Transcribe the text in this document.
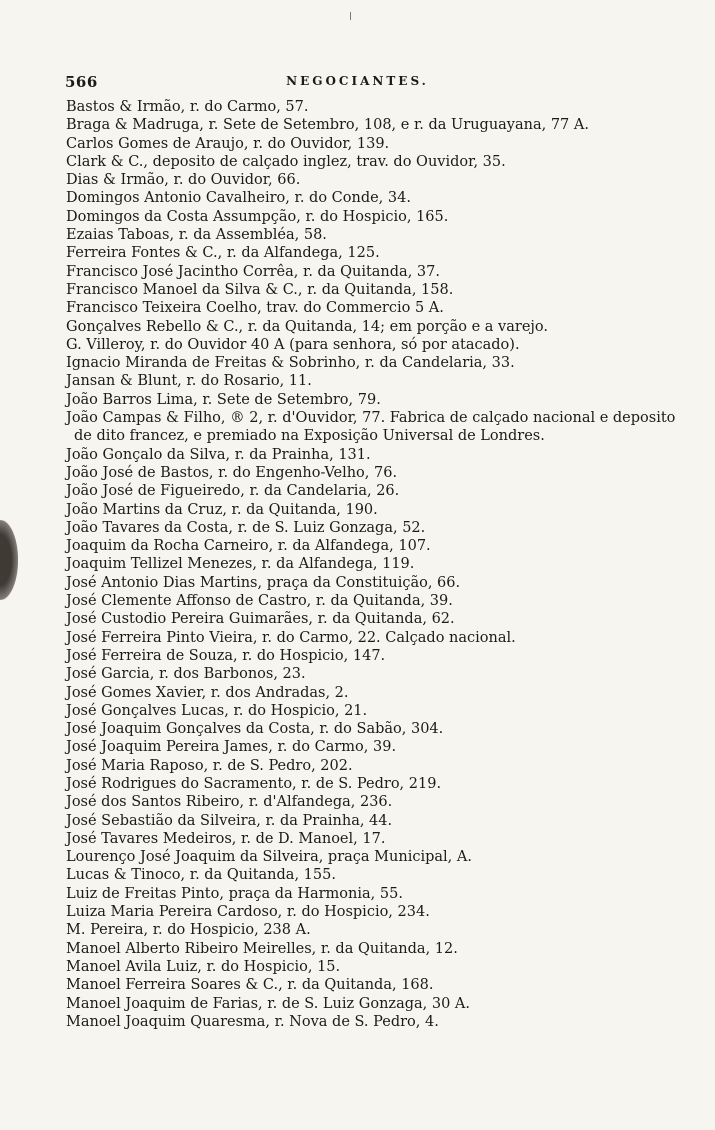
566	NEGOCIANTES.

Bastos & Irmão, r. do Carmo, 57.

Braga & Madruga, r. Sete de Setembro, 108, e r. da Uruguayana, 77 A.

Carlos Gomes de Araujo, r. do Ouvidor, 139.

Clark & C., deposito de calçado inglez, trav. do Ouvidor, 35.

Dias & Irmão, r. do Ouvidor, 66.

Domingos Antonio Cavalheiro, r. do Conde, 34.

Domingos da Costa Assumpção, r. do Hospicio, 165.

Ezaias Taboas, r. da Assembléa, 58.

Ferreira Fontes & C., r. da Alfandega, 125.

Francisco José Jacintho Corrêa, r. da Quitanda, 37.

Francisco Manoel da Silva & C., r. da Quitanda, 158.

Francisco Teixeira Coelho, trav. do Commercio 5 A.

Gonçalves Rebello & C., r. da Quitanda, 14; em porção e a varejo.

G. Villeroy, r. do Ouvidor 40 A (para senhora, só por atacado).

Ignacio Miranda de Freitas & Sobrinho, r. da Candelaria, 33.

Jansan & Blunt, r. do Rosario, 11.

João Barros Lima, r. Sete de Setembro, 79.

João Campas & Filho, ® 2, r. d'Ouvidor, 77. Fabrica de calçado nacional e deposito de dito francez, e premiado na Exposição Universal de Londres.

João Gonçalo da Silva, r. da Prainha, 131.

João José de Bastos, r. do Engenho-Velho, 76.

João José de Figueiredo, r. da Candelaria, 26.

João Martins da Cruz, r. da Quitanda, 190.

João Tavares da Costa, r. de S. Luiz Gonzaga, 52.

Joaquim da Rocha Carneiro, r. da Alfandega, 107.

Joaquim Tellizel Menezes, r. da Alfandega, 119.

José Antonio Dias Martins, praça da Constituição, 66.

José Clemente Affonso de Castro, r. da Quitanda, 39.

José Custodio Pereira Guimarães, r. da Quitanda, 62.

José Ferreira Pinto Vieira, r. do Carmo, 22. Calçado nacional.

José Ferreira de Souza, r. do Hospicio, 147.

José Garcia, r. dos Barbonos, 23.

José Gomes Xavier, r. dos Andradas, 2.

José Gonçalves Lucas, r. do Hospicio, 21.

José Joaquim Gonçalves da Costa, r. do Sabão, 304.

José Joaquim Pereira James, r. do Carmo, 39.

José Maria Raposo, r. de S. Pedro, 202.

José Rodrigues do Sacramento, r. de S. Pedro, 219.

José dos Santos Ribeiro, r. d'Alfandega, 236.

José Sebastião da Silveira, r. da Prainha, 44.

José Tavares Medeiros, r. de D. Manoel, 17.

Lourenço José Joaquim da Silveira, praça Municipal, A.

Lucas & Tinoco, r. da Quitanda, 155.

Luiz de Freitas Pinto, praça da Harmonia, 55.

Luiza Maria Pereira Cardoso, r. do Hospicio, 234.

M. Pereira, r. do Hospicio, 238 A.

Manoel Alberto Ribeiro Meirelles, r. da Quitanda, 12.

Manoel Avila Luiz, r. do Hospicio, 15.

Manoel Ferreira Soares & C., r. da Quitanda, 168.

Manoel Joaquim de Farias, r. de S. Luiz Gonzaga, 30 A.

Manoel Joaquim Quaresma, r. Nova de S. Pedro, 4.
